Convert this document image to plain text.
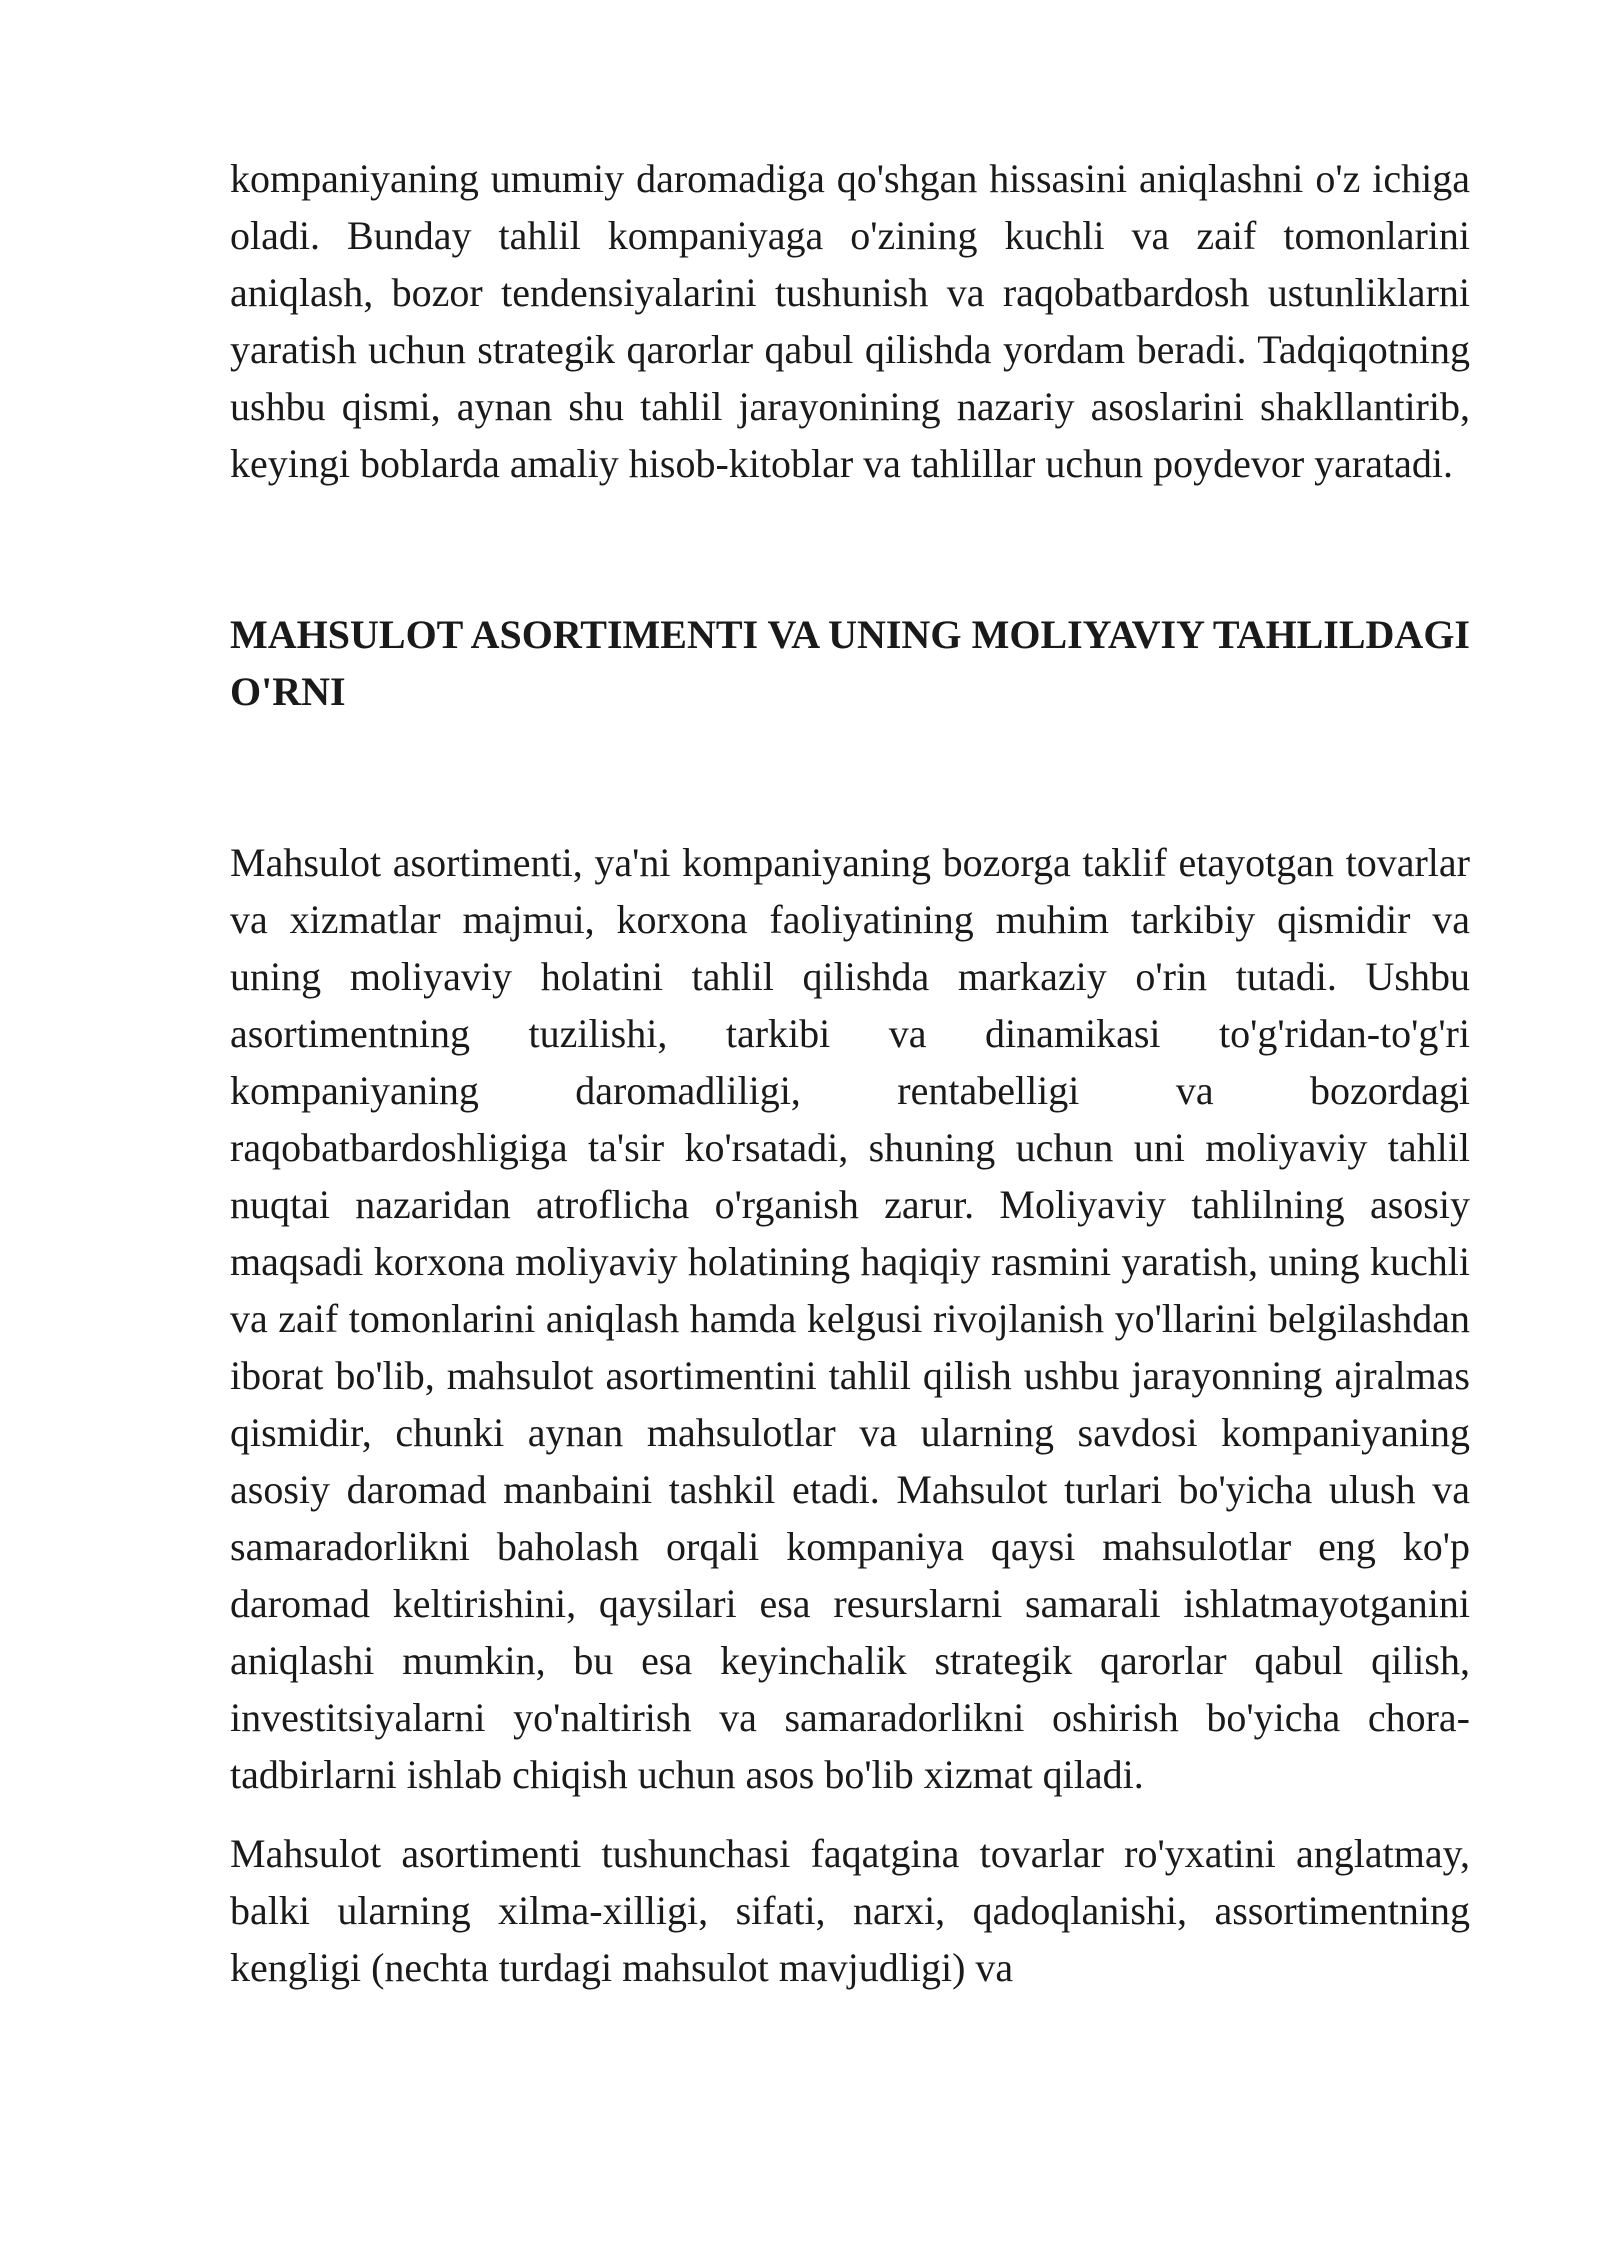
kompaniyaning umumiy daromadiga qo'shgan hissasini aniqlashni o'z ichiga oladi. Bunday tahlil kompaniyaga o'zining kuchli va zaif tomonlarini aniqlash, bozor tendensiyalarini tushunish va raqobatbardosh ustunliklarni yaratish uchun strategik qarorlar qabul qilishda yordam beradi. Tadqiqotning ushbu qismi, aynan shu tahlil jarayonining nazariy asoslarini shakllantirib, keyingi boblarda amaliy hisob-kitoblar va tahlillar uchun poydevor yaratadi.

MAHSULOT ASORTIMENTI VA UNING MOLIYAVIY TAHLILDAGI O'RNI

Mahsulot asortimenti, ya'ni kompaniyaning bozorga taklif etayotgan tovarlar va xizmatlar majmui, korxona faoliyatining muhim tarkibiy qismidir va uning moliyaviy holatini tahlil qilishda markaziy o'rin tutadi. Ushbu asortimentning tuzilishi, tarkibi va dinamikasi to'g'ridan-to'g'ri kompaniyaning daromadliligi, rentabelligi va bozordagi raqobatbardoshligiga ta'sir ko'rsatadi, shuning uchun uni moliyaviy tahlil nuqtai nazaridan atroflicha o'rganish zarur. Moliyaviy tahlilning asosiy maqsadi korxona moliyaviy holatining haqiqiy rasmini yaratish, uning kuchli va zaif tomonlarini aniqlash hamda kelgusi rivojlanish yo'llarini belgilashdan iborat bo'lib, mahsulot asortimentini tahlil qilish ushbu jarayonning ajralmas qismidir, chunki aynan mahsulotlar va ularning savdosi kompaniyaning asosiy daromad manbaini tashkil etadi. Mahsulot turlari bo'yicha ulush va samaradorlikni baholash orqali kompaniya qaysi mahsulotlar eng ko'p daromad keltirishini, qaysilari esa resurslarni samarali ishlatmayotganini aniqlashi mumkin, bu esa keyinchalik strategik qarorlar qabul qilish, investitsiyalarni yo'naltirish va samaradorlikni oshirish bo'yicha chora-tadbirlarni ishlab chiqish uchun asos bo'lib xizmat qiladi.

Mahsulot asortimenti tushunchasi faqatgina tovarlar ro'yxatini anglatmay, balki ularning xilma-xilligi, sifati, narxi, qadoqlanishi, assortimentning kengligi (nechta turdagi mahsulot mavjudligi) va
